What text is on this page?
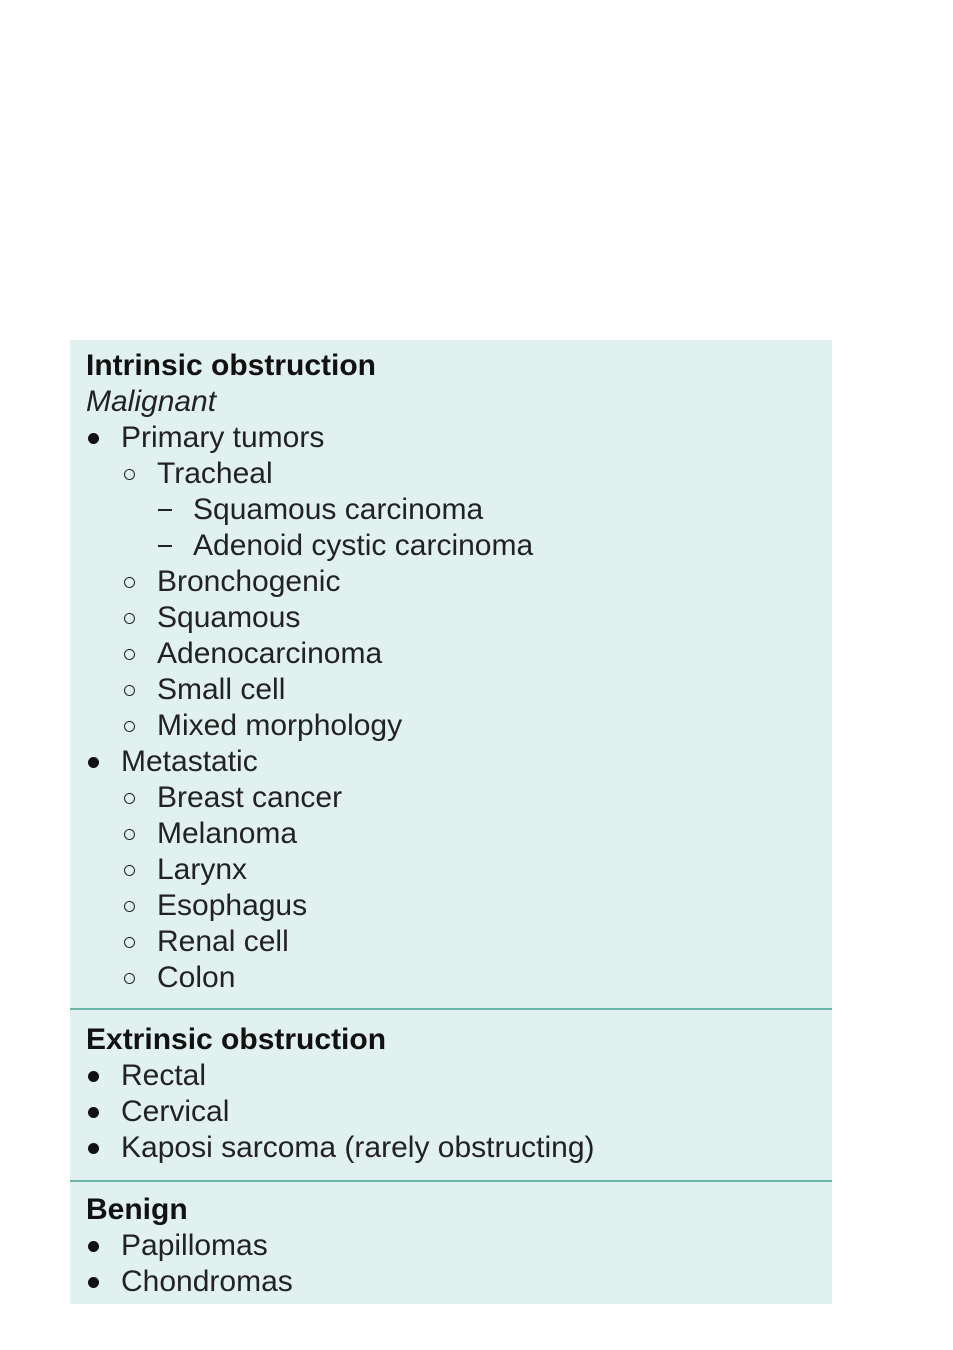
Intrinsic obstruction
Malignant
Primary tumors
Tracheal
Squamous carcinoma
Adenoid cystic carcinoma
Bronchogenic
Squamous
Adenocarcinoma
Small cell
Mixed morphology
Metastatic
Breast cancer
Melanoma
Larynx
Esophagus
Renal cell
Colon
Extrinsic obstruction
Rectal
Cervical
Kaposi sarcoma (rarely obstructing)
Benign
Papillomas
Chondromas
